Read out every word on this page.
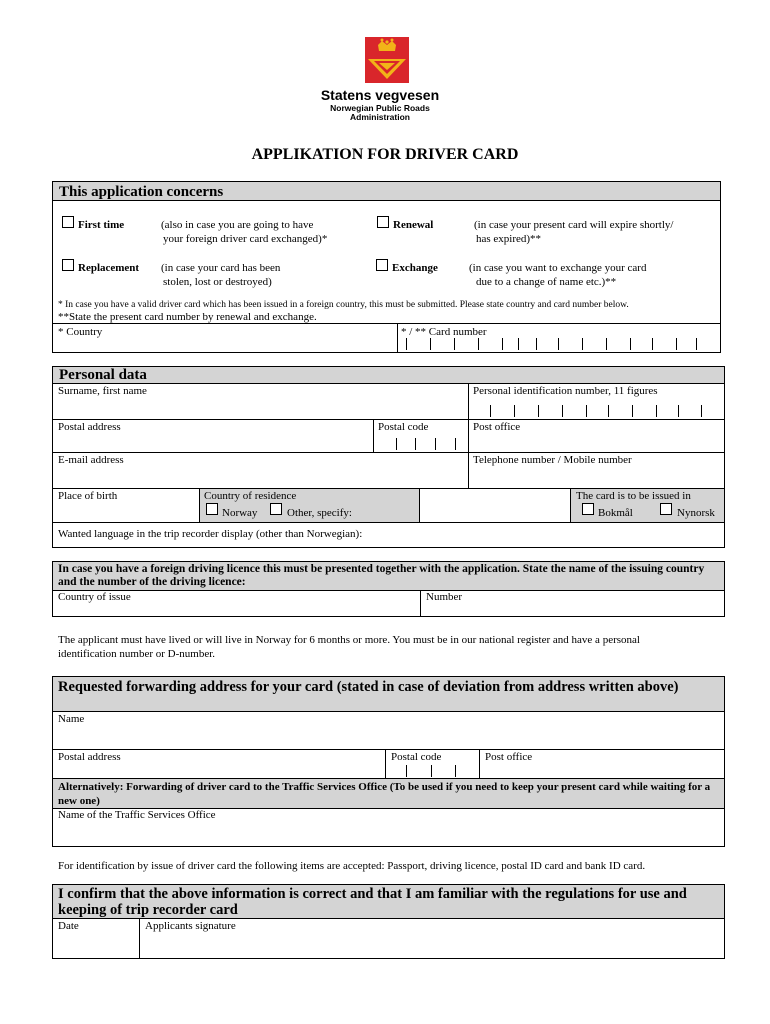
Statens vegvesen
Norwegian Public Roads
Administration
APPLIKATION FOR DRIVER CARD
This application concerns
First time	(also in case you are going to have
your foreign driver card exchanged)*
Renewal	(in case your present card will expire shortly/
has expired)**
Replacement (in case your card has been
stolen, lost or destroyed)
Exchange	(in case you want to exchange your card
due to a change of name etc.)**
* In case you have a valid driver card which has been issued in a foreign country, this must be submitted. Please state country and card number below.
**State the present card number by renewal and exchange.
* Country	* / ** Card number
Personal data
Surname, first name	Personal identification number, 11 figures
Postal address	Postal code	Post office
E-mail address	Telephone number / Mobile number
Place of birth	Country of residence
Norway	Other, specify:
The card is to be issued in
Bokmål	Nynorsk
Wanted language in the trip recorder display (other than Norwegian):
In case you have a foreign driving licence this must be presented together with the application. State the name of the issuing country and the number of the driving licence:
Country of issue	Number
The applicant must have lived or will live in Norway for 6 months or more. You must be in our national register and have a personal
identification number or D-number.
Requested forwarding address for your card (stated in case of deviation from address written above)
Name
Postal address	Postal code	Post office
Alternatively: Forwarding of driver card to the Traffic Services Office (To be used if you need to keep your present card while waiting for a new one)
Name of the Traffic Services Office
For identification by issue of driver card the following items are accepted: Passport, driving licence, postal ID card and bank ID card.
I confirm that the above information is correct and that I am familiar with the regulations for use and keeping of trip recorder card
Date	Applicants signature
